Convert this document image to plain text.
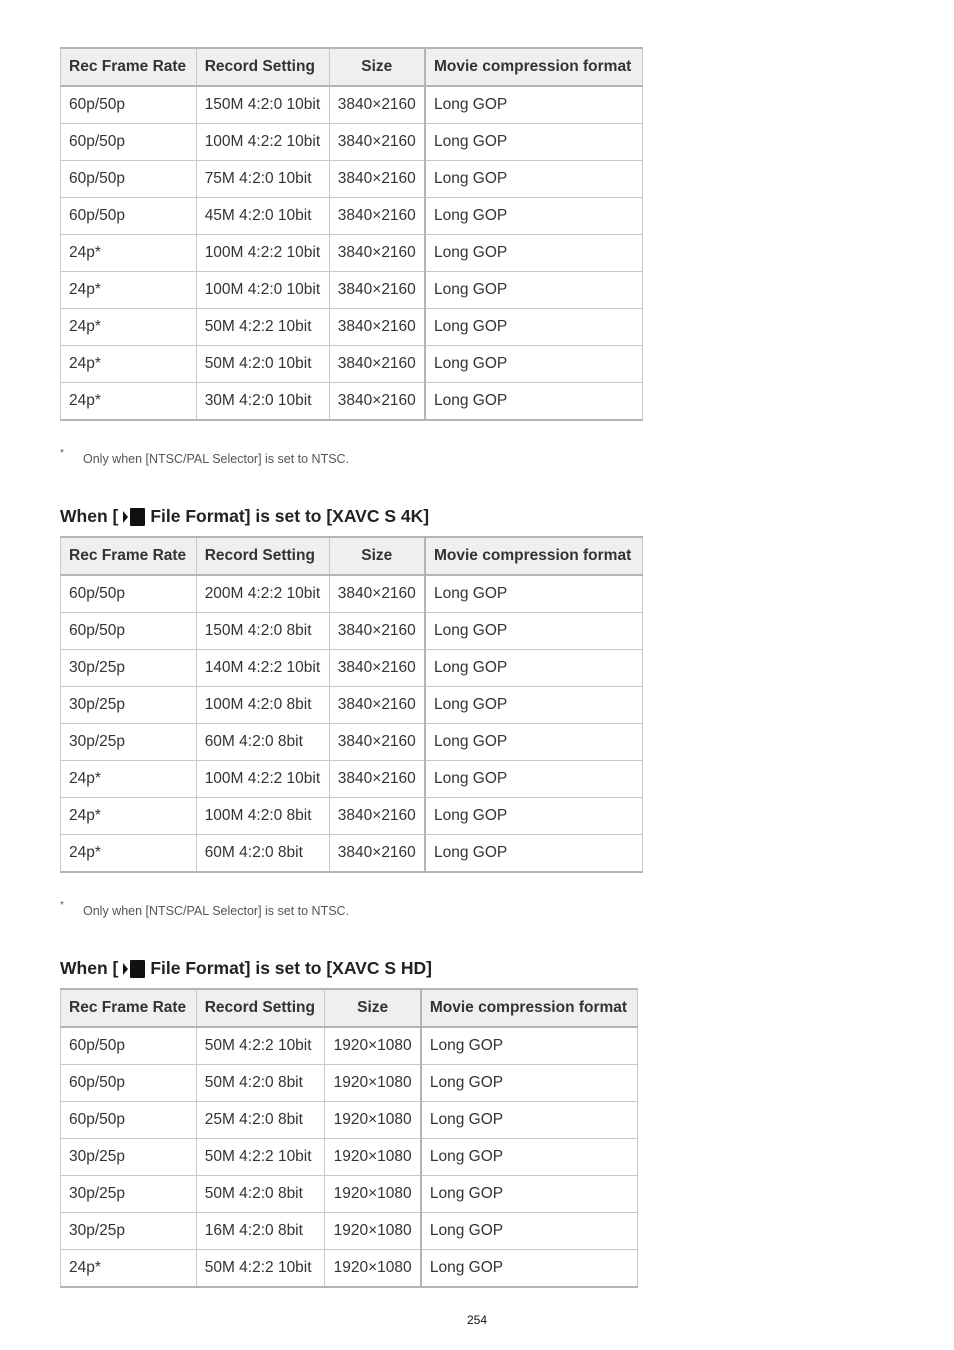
Rec Frame Rate	Record Setting	Size	Movie compression format
60p/50p	150M 4:2:0 10bit	3840×2160	Long GOP
60p/50p	100M 4:2:2 10bit	3840×2160	Long GOP
60p/50p	75M 4:2:0 10bit	3840×2160	Long GOP
60p/50p	45M 4:2:0 10bit	3840×2160	Long GOP
24p*	100M 4:2:2 10bit	3840×2160	Long GOP
24p*	100M 4:2:0 10bit	3840×2160	Long GOP
24p*	50M 4:2:2 10bit	3840×2160	Long GOP
24p*	50M 4:2:0 10bit	3840×2160	Long GOP
24p*	30M 4:2:0 10bit	3840×2160	Long GOP
* Only when [NTSC/PAL Selector] is set to NTSC.
When [ File Format] is set to [XAVC S 4K]
Rec Frame Rate	Record Setting	Size	Movie compression format
60p/50p	200M 4:2:2 10bit	3840×2160	Long GOP
60p/50p	150M 4:2:0 8bit	3840×2160	Long GOP
30p/25p	140M 4:2:2 10bit	3840×2160	Long GOP
30p/25p	100M 4:2:0 8bit	3840×2160	Long GOP
30p/25p	60M 4:2:0 8bit	3840×2160	Long GOP
24p*	100M 4:2:2 10bit	3840×2160	Long GOP
24p*	100M 4:2:0 8bit	3840×2160	Long GOP
24p*	60M 4:2:0 8bit	3840×2160	Long GOP
* Only when [NTSC/PAL Selector] is set to NTSC.
When [ File Format] is set to [XAVC S HD]
Rec Frame Rate	Record Setting	Size	Movie compression format
60p/50p	50M 4:2:2 10bit	1920×1080	Long GOP
60p/50p	50M 4:2:0 8bit	1920×1080	Long GOP
60p/50p	25M 4:2:0 8bit	1920×1080	Long GOP
30p/25p	50M 4:2:2 10bit	1920×1080	Long GOP
30p/25p	50M 4:2:0 8bit	1920×1080	Long GOP
30p/25p	16M 4:2:0 8bit	1920×1080	Long GOP
24p*	50M 4:2:2 10bit	1920×1080	Long GOP
254
